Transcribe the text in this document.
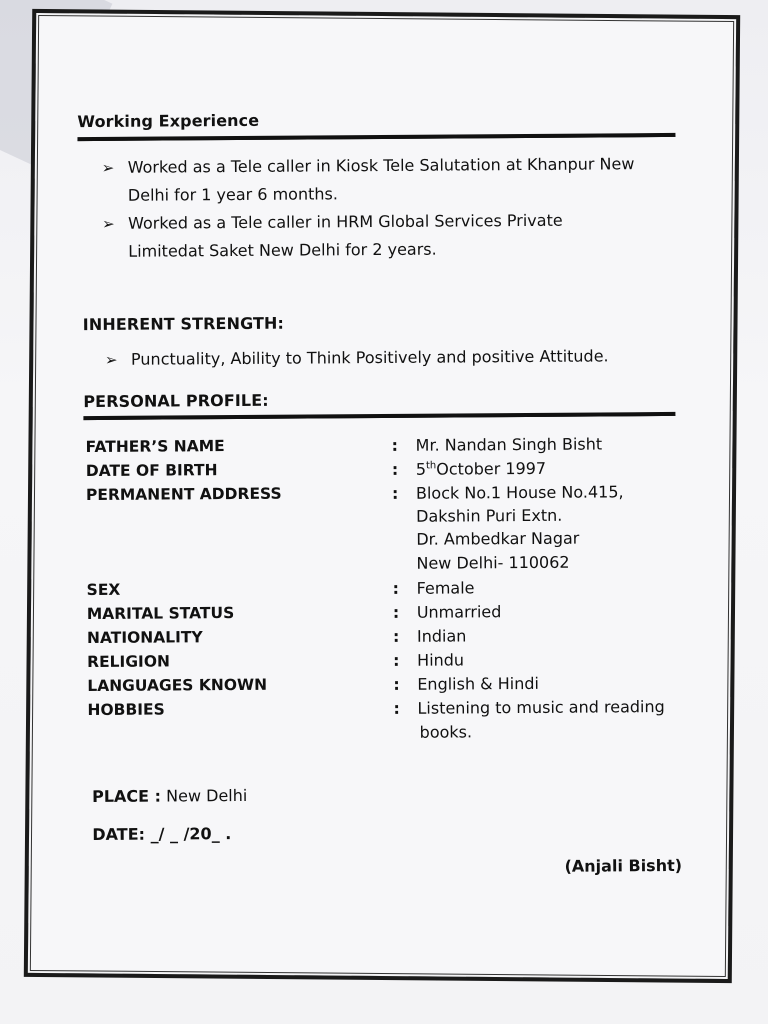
Working Experience
➢ Worked as a Tele caller in Kiosk Tele Salutation at Khanpur New
Delhi for 1 year 6 months.
➢ Worked as a Tele caller in HRM Global Services Private
Limitedat Saket New Delhi for 2 years.
INHERENT STRENGTH:
➢ Punctuality, Ability to Think Positively and positive Attitude.
PERSONAL PROFILE:
FATHER’S NAME	: Mr. Nandan Singh Bisht
DATE OF BIRTH	: 5thOctober 1997
PERMANENT ADDRESS	: Block No.1 House No.415,
Dakshin Puri Extn.
Dr. Ambedkar Nagar
New Delhi- 110062
SEX	: Female
MARITAL STATUS	: Unmarried
NATIONALITY	: Indian
RELIGION	: Hindu
LANGUAGES KNOWN	: English & Hindi
HOBBIES	: Listening to music and reading
books.
PLACE : New Delhi
DATE: _/ _ /20_ .
(Anjali Bisht)
